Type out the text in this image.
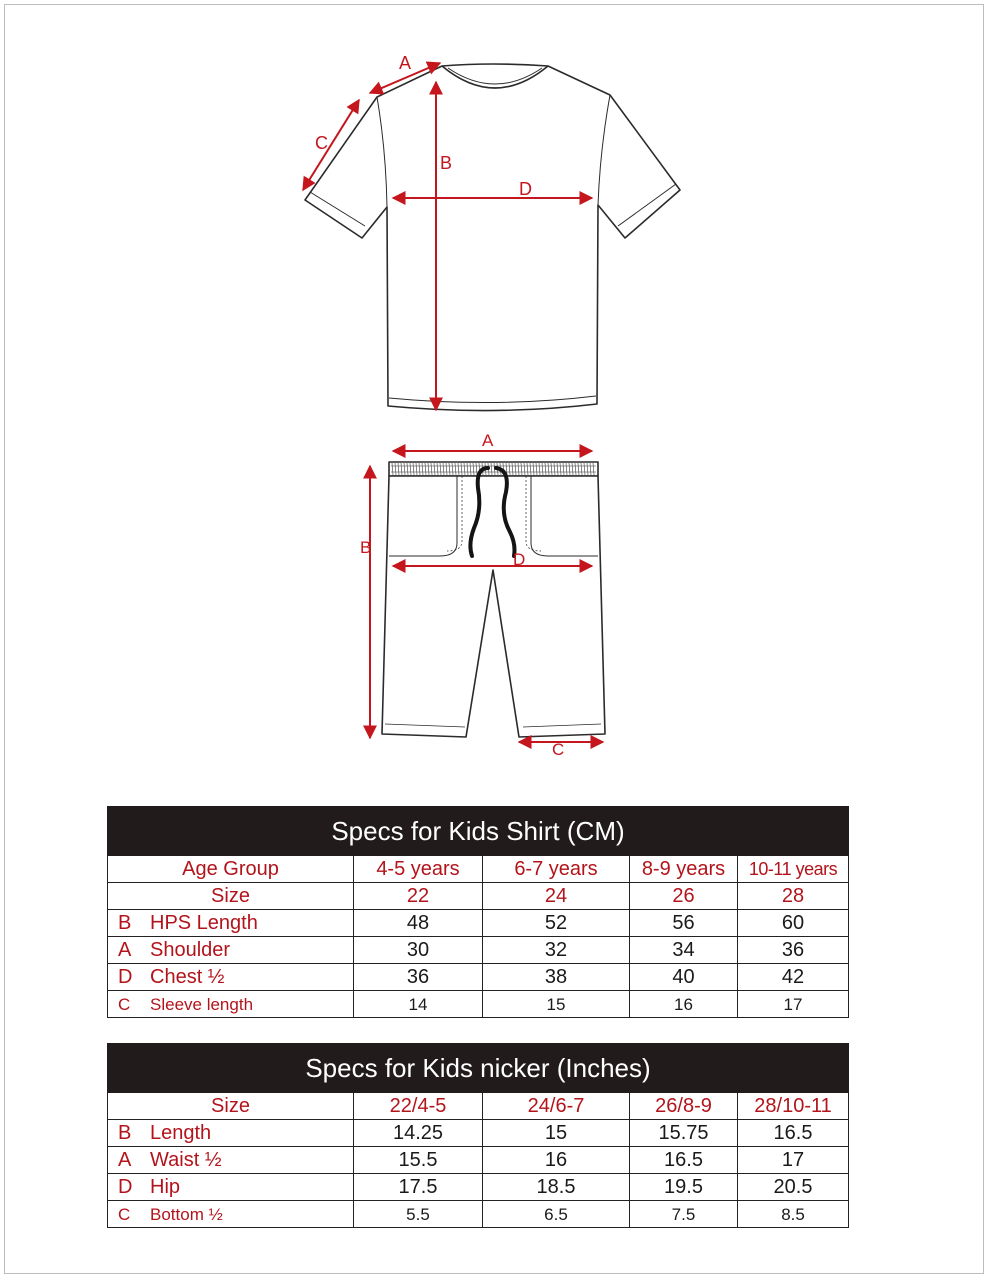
A
C
B
D
A
B
D
C
Specs for Kids Shirt (CM)				
Age Group	4-5 years	6-7 years	8-9 years	10-11 years
Size	22	24	26	28
B HPS Length	48	52	56	60
A Shoulder	30	32	34	36
D Chest ½	36	38	40	42
C Sleeve length	14	15	16	17
Specs for Kids nicker (Inches)				
Size	22/4-5	24/6-7	26/8-9	28/10-11
B Length	14.25	15	15.75	16.5
A Waist ½	15.5	16	16.5	17
D Hip	17.5	18.5	19.5	20.5
C Bottom ½	5.5	6.5	7.5	8.5
